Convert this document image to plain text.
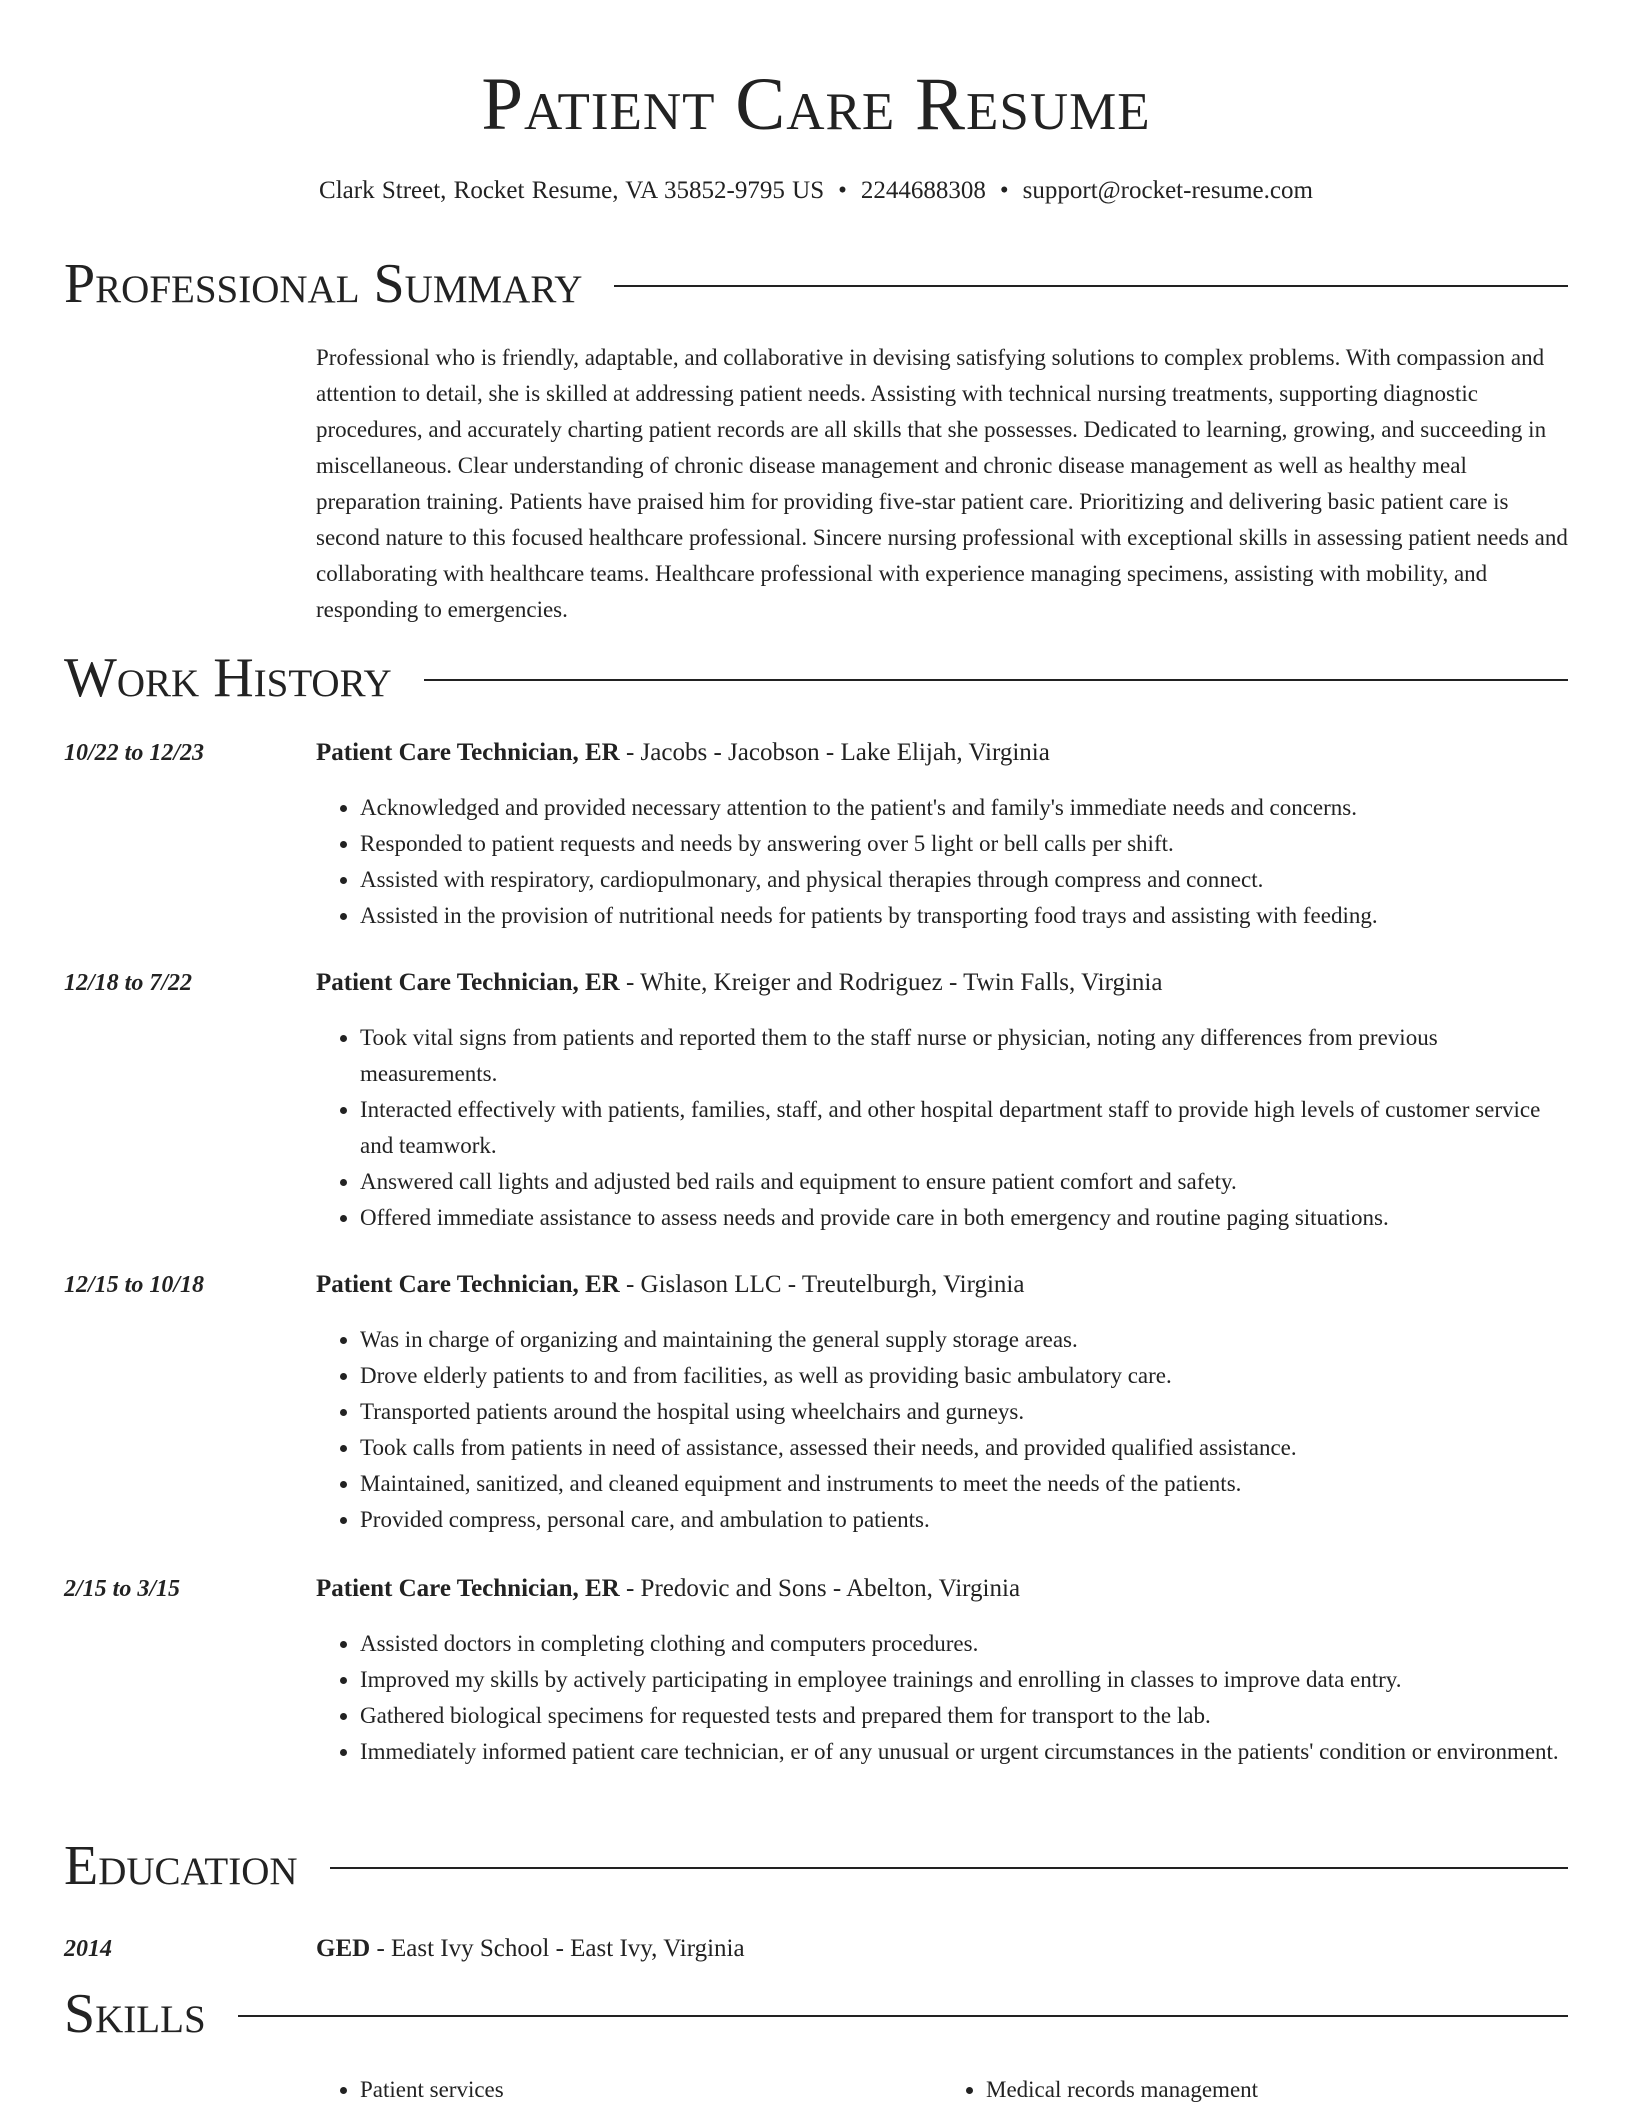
Patient Care Resume
Clark Street, Rocket Resume, VA 35852-9795 US • 2244688308 • support@rocket-resume.com
Professional Summary

Professional who is friendly, adaptable, and collaborative in devising satisfying solutions to complex problems. With compassion and attention to detail, she is skilled at addressing patient needs. Assisting with technical nursing treatments, supporting diagnostic procedures, and accurately charting patient records are all skills that she possesses. Dedicated to learning, growing, and succeeding in miscellaneous. Clear understanding of chronic disease management and chronic disease management as well as healthy meal preparation training. Patients have praised him for providing five-star patient care. Prioritizing and delivering basic patient care is second nature to this focused healthcare professional. Sincere nursing professional with exceptional skills in assessing patient needs and collaborating with healthcare teams. Healthcare professional with experience managing specimens, assisting with mobility, and responding to emergencies.

Work History
10/22 to 12/23	Patient Care Technician, ER - Jacobs - Jacobson - Lake Elijah, Virginia
• Acknowledged and provided necessary attention to the patient's and family's immediate needs and concerns.
• Responded to patient requests and needs by answering over 5 light or bell calls per shift.
• Assisted with respiratory, cardiopulmonary, and physical therapies through compress and connect.
• Assisted in the provision of nutritional needs for patients by transporting food trays and assisting with feeding.
12/18 to 7/22	Patient Care Technician, ER - White, Kreiger and Rodriguez - Twin Falls, Virginia
• Took vital signs from patients and reported them to the staff nurse or physician, noting any differences from previous measurements.
• Interacted effectively with patients, families, staff, and other hospital department staff to provide high levels of customer service and teamwork.
• Answered call lights and adjusted bed rails and equipment to ensure patient comfort and safety.
• Offered immediate assistance to assess needs and provide care in both emergency and routine paging situations.
12/15 to 10/18	Patient Care Technician, ER - Gislason LLC - Treutelburgh, Virginia
• Was in charge of organizing and maintaining the general supply storage areas.
• Drove elderly patients to and from facilities, as well as providing basic ambulatory care.
• Transported patients around the hospital using wheelchairs and gurneys.
• Took calls from patients in need of assistance, assessed their needs, and provided qualified assistance.
• Maintained, sanitized, and cleaned equipment and instruments to meet the needs of the patients.
• Provided compress, personal care, and ambulation to patients.
2/15 to 3/15	Patient Care Technician, ER - Predovic and Sons - Abelton, Virginia
• Assisted doctors in completing clothing and computers procedures.
• Improved my skills by actively participating in employee trainings and enrolling in classes to improve data entry.
• Gathered biological specimens for requested tests and prepared them for transport to the lab.
• Immediately informed patient care technician, er of any unusual or urgent circumstances in the patients' condition or environment.
Education
2014	GED - East Ivy School - East Ivy, Virginia
Skills
• Patient services
•	Medical records management
